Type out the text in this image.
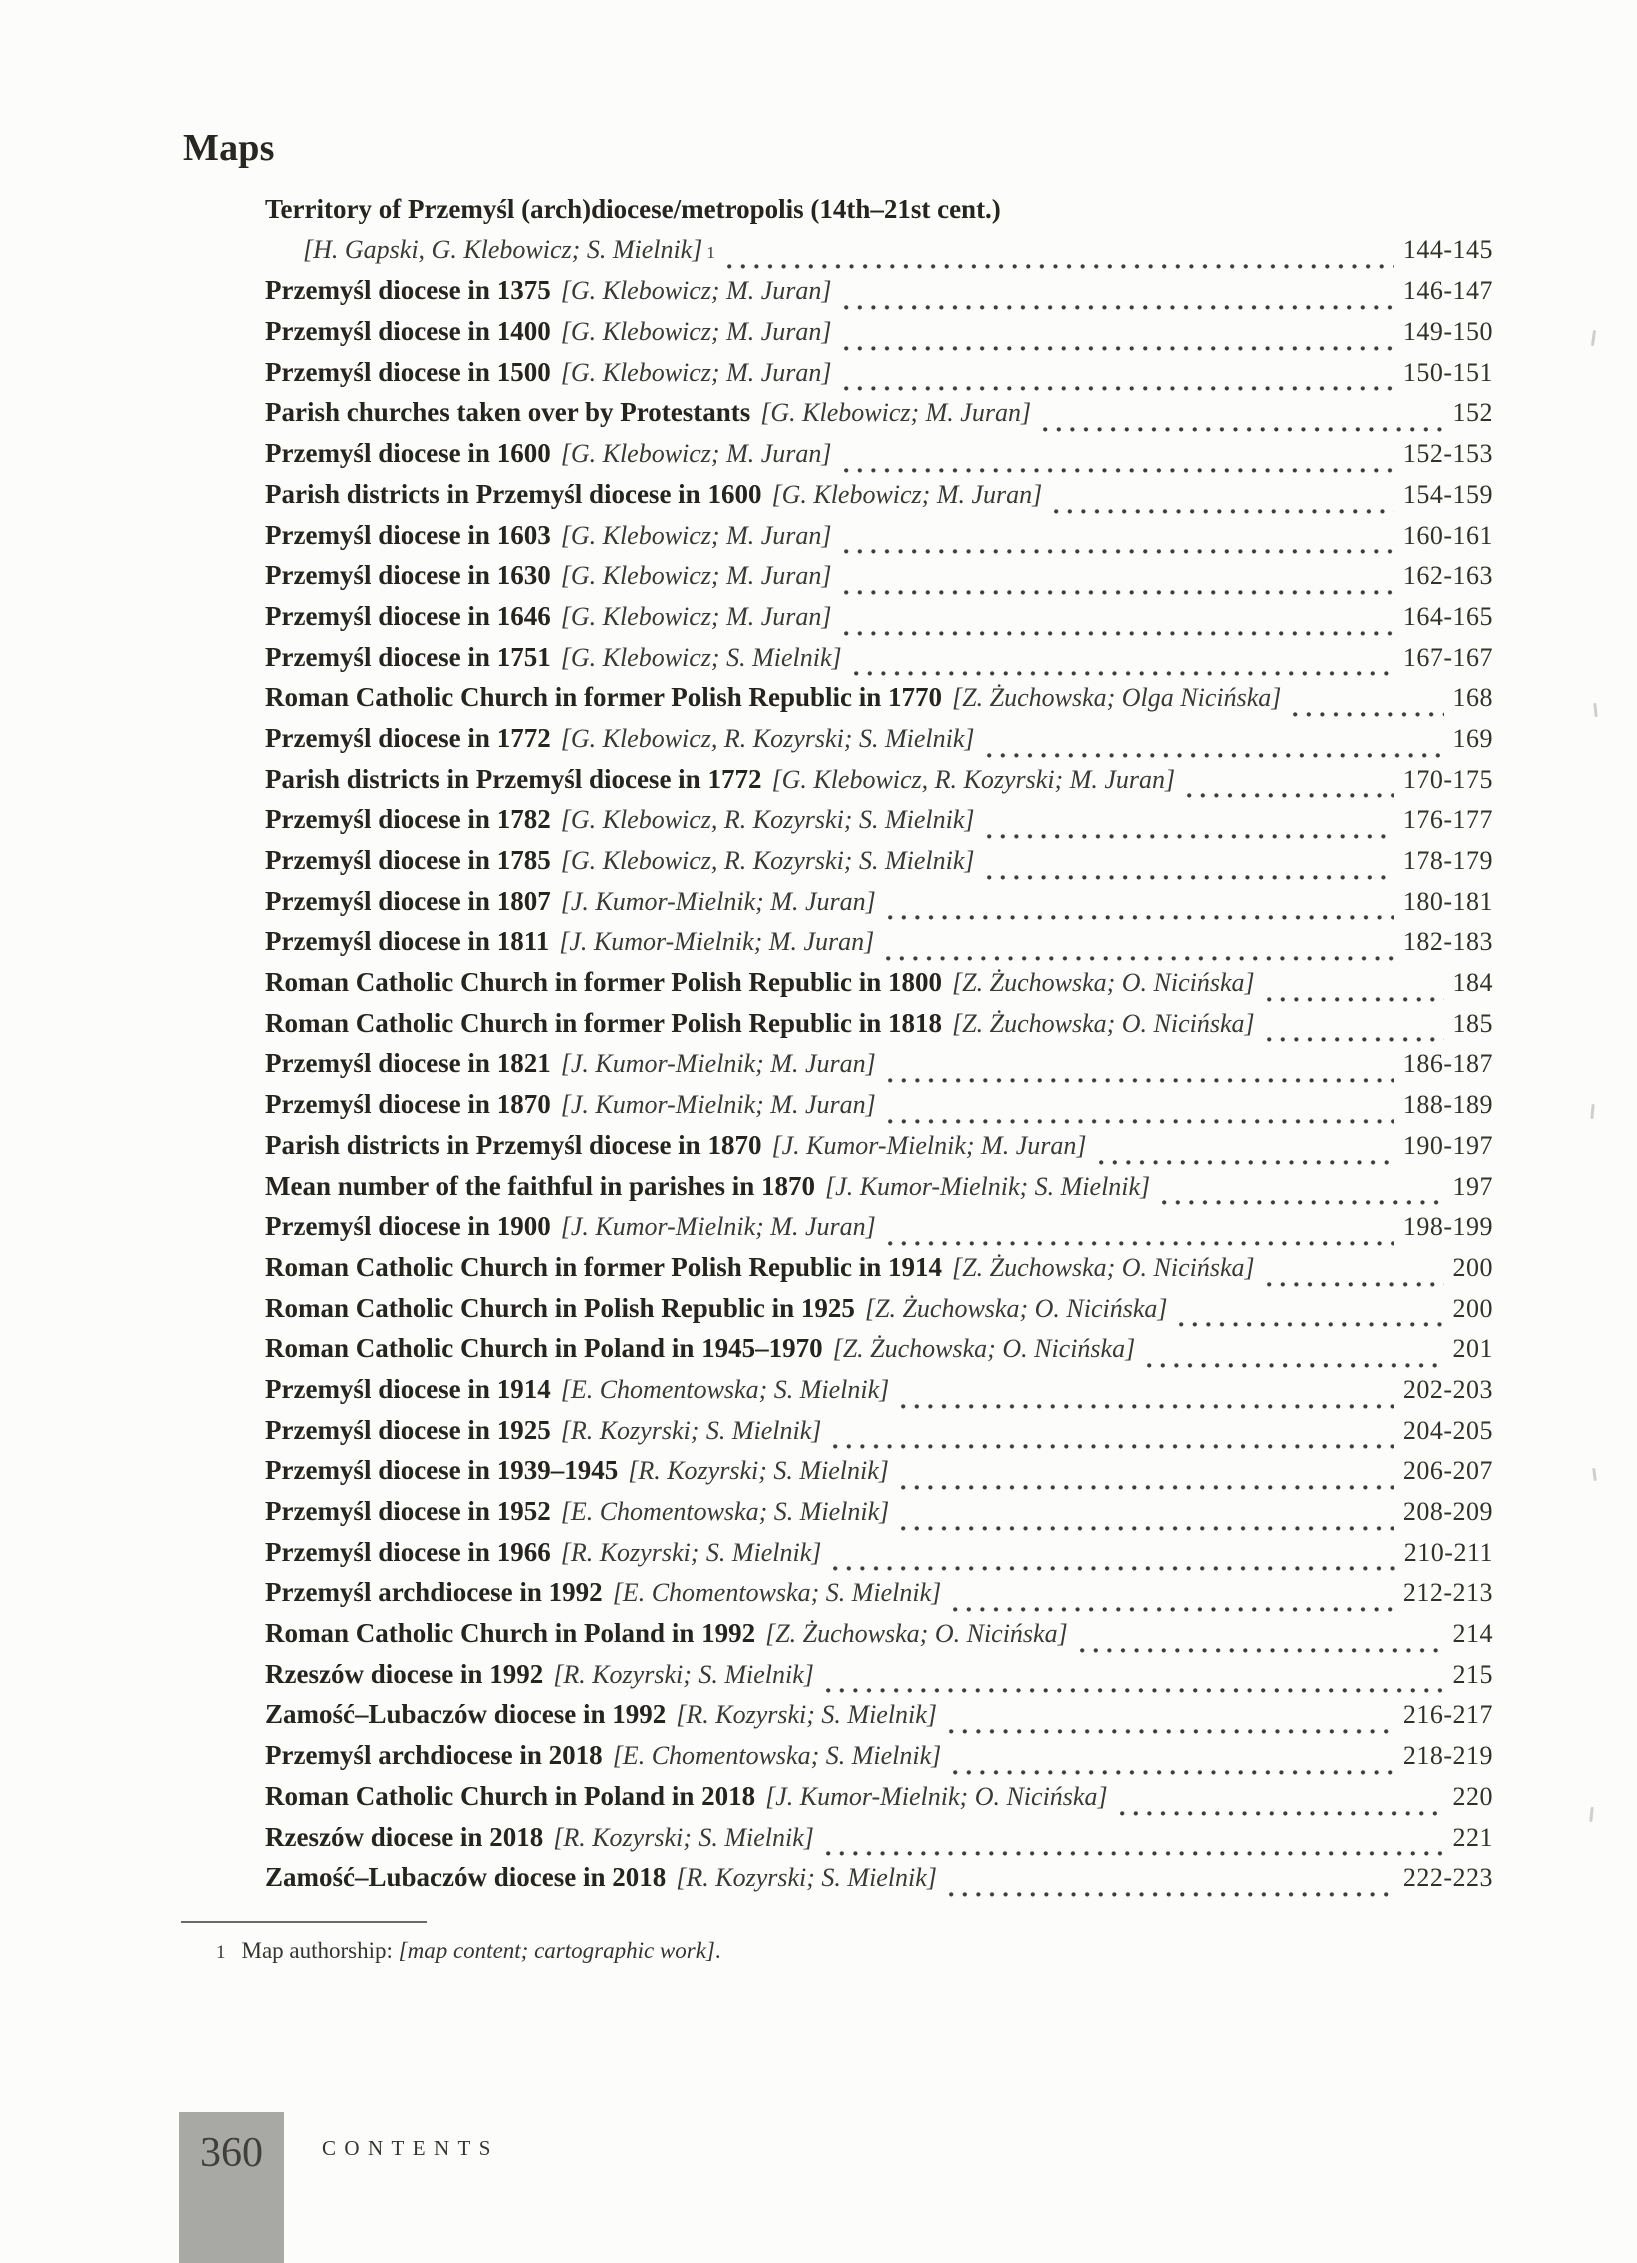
Maps
Territory of Przemyśl (arch)diocese/metropolis (14th–21st cent.)
[H. Gapski, G. Klebowicz; S. Mielnik] 1	144-145
Przemyśl diocese in 1375 [G. Klebowicz; M. Juran]	146-147
Przemyśl diocese in 1400 [G. Klebowicz; M. Juran]	149-150
Przemyśl diocese in 1500 [G. Klebowicz; M. Juran]	150-151
Parish churches taken over by Protestants [G. Klebowicz; M. Juran]	152
Przemyśl diocese in 1600 [G. Klebowicz; M. Juran]	152-153
Parish districts in Przemyśl diocese in 1600 [G. Klebowicz; M. Juran]	154-159
Przemyśl diocese in 1603 [G. Klebowicz; M. Juran]	160-161
Przemyśl diocese in 1630 [G. Klebowicz; M. Juran]	162-163
Przemyśl diocese in 1646 [G. Klebowicz; M. Juran]	164-165
Przemyśl diocese in 1751 [G. Klebowicz; S. Mielnik]	167-167
Roman Catholic Church in former Polish Republic in 1770 [Z. Żuchowska; Olga Nicińska]	168
Przemyśl diocese in 1772 [G. Klebowicz, R. Kozyrski; S. Mielnik]	169
Parish districts in Przemyśl diocese in 1772 [G. Klebowicz, R. Kozyrski; M. Juran]	170-175
Przemyśl diocese in 1782 [G. Klebowicz, R. Kozyrski; S. Mielnik]	176-177
Przemyśl diocese in 1785 [G. Klebowicz, R. Kozyrski; S. Mielnik]	178-179
Przemyśl diocese in 1807 [J. Kumor-Mielnik; M. Juran]	180-181
Przemyśl diocese in 1811 [J. Kumor-Mielnik; M. Juran]	182-183
Roman Catholic Church in former Polish Republic in 1800 [Z. Żuchowska; O. Nicińska]	184
Roman Catholic Church in former Polish Republic in 1818 [Z. Żuchowska; O. Nicińska]	185
Przemyśl diocese in 1821 [J. Kumor-Mielnik; M. Juran]	186-187
Przemyśl diocese in 1870 [J. Kumor-Mielnik; M. Juran]	188-189
Parish districts in Przemyśl diocese in 1870 [J. Kumor-Mielnik; M. Juran]	190-197
Mean number of the faithful in parishes in 1870 [J. Kumor-Mielnik; S. Mielnik]	197
Przemyśl diocese in 1900 [J. Kumor-Mielnik; M. Juran]	198-199
Roman Catholic Church in former Polish Republic in 1914 [Z. Żuchowska; O. Nicińska]	200
Roman Catholic Church in Polish Republic in 1925 [Z. Żuchowska; O. Nicińska]	200
Roman Catholic Church in Poland in 1945–1970 [Z. Żuchowska; O. Nicińska]	201
Przemyśl diocese in 1914 [E. Chomentowska; S. Mielnik]	202-203
Przemyśl diocese in 1925 [R. Kozyrski; S. Mielnik]	204-205
Przemyśl diocese in 1939–1945 [R. Kozyrski; S. Mielnik]	206-207
Przemyśl diocese in 1952 [E. Chomentowska; S. Mielnik]	208-209
Przemyśl diocese in 1966 [R. Kozyrski; S. Mielnik]	210-211
Przemyśl archdiocese in 1992 [E. Chomentowska; S. Mielnik]	212-213
Roman Catholic Church in Poland in 1992 [Z. Żuchowska; O. Nicińska]	214
Rzeszów diocese in 1992 [R. Kozyrski; S. Mielnik]	215
Zamość–Lubaczów diocese in 1992 [R. Kozyrski; S. Mielnik]	216-217
Przemyśl archdiocese in 2018 [E. Chomentowska; S. Mielnik]	218-219
Roman Catholic Church in Poland in 2018 [J. Kumor-Mielnik; O. Nicińska]	220
Rzeszów diocese in 2018 [R. Kozyrski; S. Mielnik]	221
Zamość–Lubaczów diocese in 2018 [R. Kozyrski; S. Mielnik]	222-223
1 Map authorship: [map content; cartographic work].
360	CONTENTS
